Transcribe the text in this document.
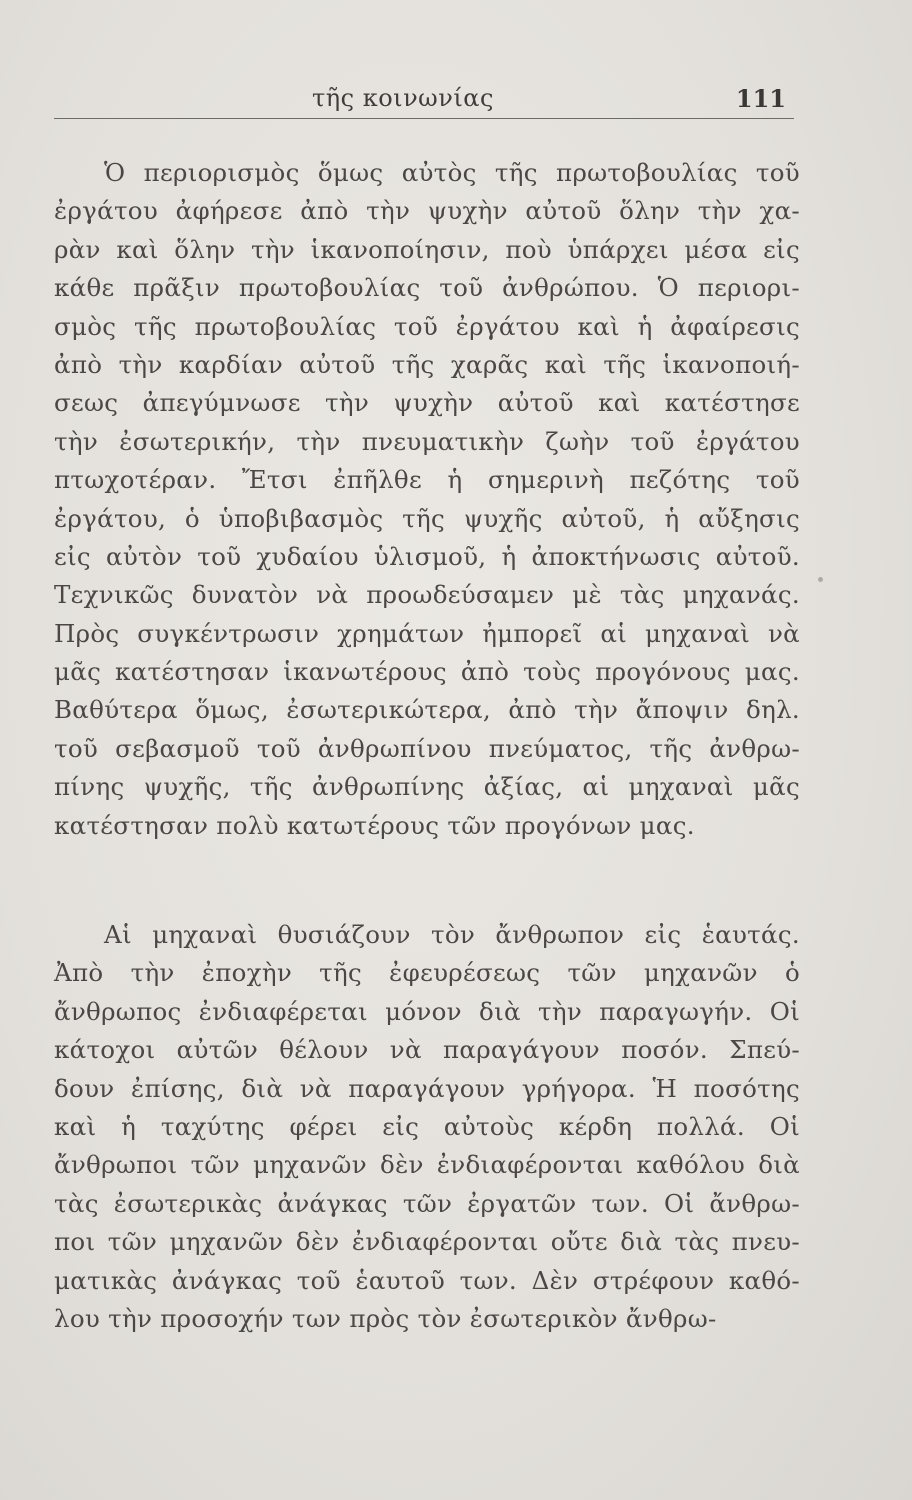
τῆς κοινωνίας	111
Ὁ περιορισμὸς ὅμως αὐτὸς τῆς πρωτοβουλίας τοῦ
ἐργάτου ἀφήρεσε ἀπὸ τὴν ψυχὴν αὐτοῦ ὅλην τὴν χα-
ρὰν καὶ ὅλην τὴν ἱκανοποίησιν, ποὺ ὑπάρχει μέσα εἰς
κάθε πρᾶξιν πρωτοβουλίας τοῦ ἀνθρώπου. Ὁ περιορι-
σμὸς τῆς πρωτοβουλίας τοῦ ἐργάτου καὶ ἡ ἀφαίρεσις
ἀπὸ τὴν καρδίαν αὐτοῦ τῆς χαρᾶς καὶ τῆς ἱκανοποιή-
σεως ἀπεγύμνωσε τὴν ψυχὴν αὐτοῦ καὶ κατέστησε
τὴν ἐσωτερικήν, τὴν πνευματικὴν ζωὴν τοῦ ἐργάτου
πτωχοτέραν. Ἔτσι ἐπῆλθε ἡ σημερινὴ πεζότης τοῦ
ἐργάτου, ὁ ὑποβιβασμὸς τῆς ψυχῆς αὐτοῦ, ἡ αὔξησις
εἰς αὐτὸν τοῦ χυδαίου ὑλισμοῦ, ἡ ἀποκτήνωσις αὐτοῦ.
Τεχνικῶς δυνατὸν νὰ προωδεύσαμεν μὲ τὰς μηχανάς.
Πρὸς συγκέντρωσιν χρημάτων ἠμπορεῖ αἱ μηχαναὶ νὰ
μᾶς κατέστησαν ἱκανωτέρους ἀπὸ τοὺς προγόνους μας.
Βαθύτερα ὅμως, ἐσωτερικώτερα, ἀπὸ τὴν ἄποψιν δηλ.
τοῦ σεβασμοῦ τοῦ ἀνθρωπίνου πνεύματος, τῆς ἀνθρω-
πίνης ψυχῆς, τῆς ἀνθρωπίνης ἀξίας, αἱ μηχαναὶ μᾶς
κατέστησαν πολὺ κατωτέρους τῶν προγόνων μας.
Αἱ μηχαναὶ θυσιάζουν τὸν ἄνθρωπον εἰς ἑαυτάς.
Ἀπὸ τὴν ἐποχὴν τῆς ἐφευρέσεως τῶν μηχανῶν ὁ
ἄνθρωπος ἐνδιαφέρεται μόνον διὰ τὴν παραγωγήν. Οἱ
κάτοχοι αὐτῶν θέλουν νὰ παραγάγουν ποσόν. Σπεύ-
δουν ἐπίσης, διὰ νὰ παραγάγουν γρήγορα. Ἡ ποσότης
καὶ ἡ ταχύτης φέρει εἰς αὐτοὺς κέρδη πολλά. Οἱ
ἄνθρωποι τῶν μηχανῶν δὲν ἐνδιαφέρονται καθόλου διὰ
τὰς ἐσωτερικὰς ἀνάγκας τῶν ἐργατῶν των. Οἱ ἄνθρω-
ποι τῶν μηχανῶν δὲν ἐνδιαφέρονται οὔτε διὰ τὰς πνευ-
ματικὰς ἀνάγκας τοῦ ἑαυτοῦ των. Δὲν στρέφουν καθό-
λου τὴν προσοχήν των πρὸς τὸν ἐσωτερικὸν ἄνθρω-
